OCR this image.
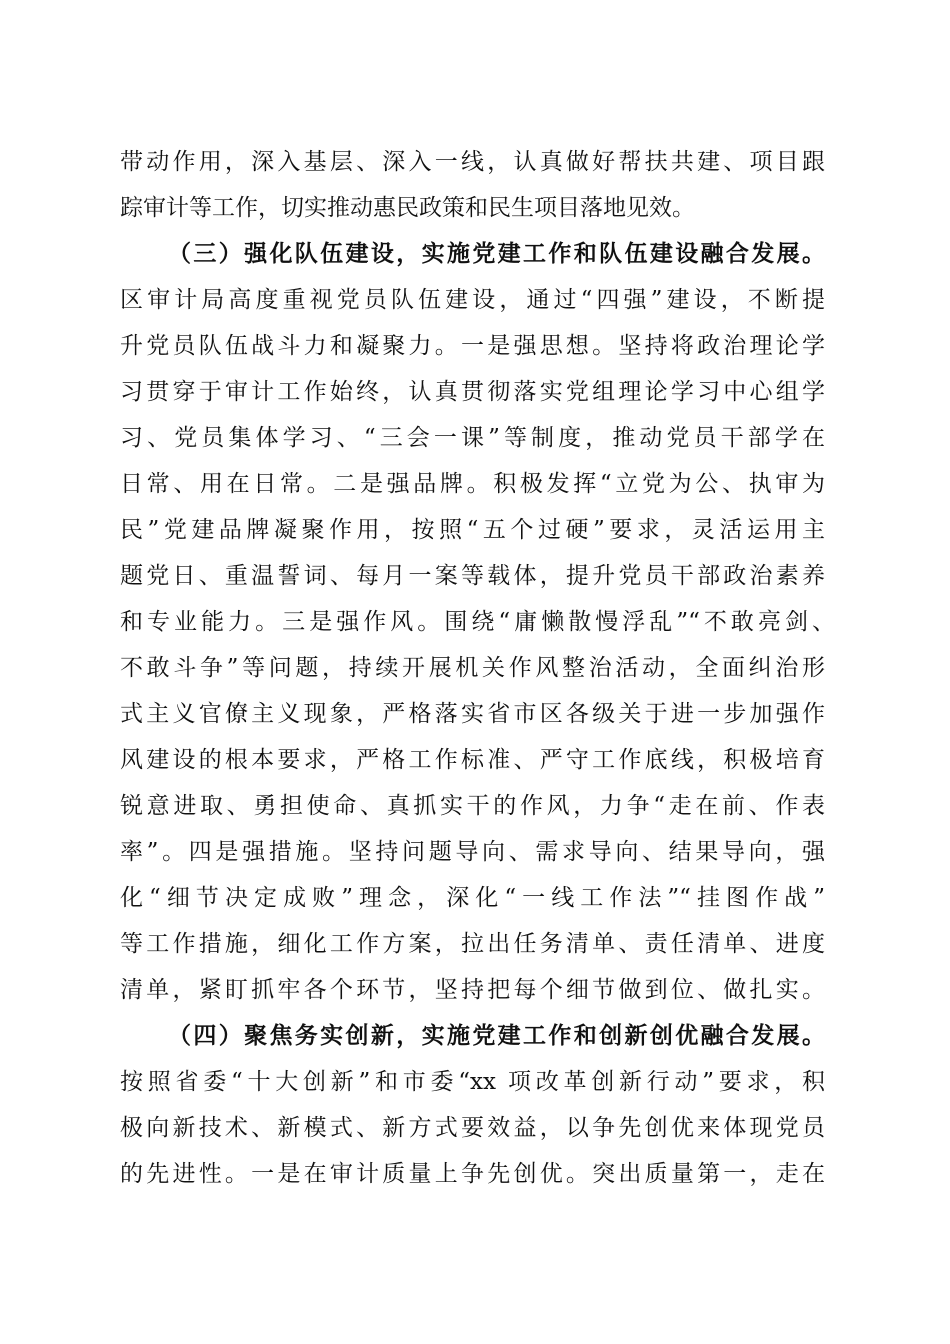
带动作用，深入基层、深入一线，认真做好帮扶共建、项目跟
踪审计等工作，切实推动惠民政策和民生项目落地见效。
（三）强化队伍建设，实施党建工作和队伍建设融合发展。
区审计局高度重视党员队伍建设，通过“四强”建设，不断提
升党员队伍战斗力和凝聚力。一是强思想。坚持将政治理论学
习贯穿于审计工作始终，认真贯彻落实党组理论学习中心组学
习、党员集体学习、“三会一课”等制度，推动党员干部学在
日常、用在日常。二是强品牌。积极发挥“立党为公、执审为
民”党建品牌凝聚作用，按照“五个过硬”要求，灵活运用主
题党日、重温誓词、每月一案等载体，提升党员干部政治素养
和专业能力。三是强作风。围绕“庸懒散慢浮乱”“不敢亮剑、
不敢斗争”等问题，持续开展机关作风整治活动，全面纠治形
式主义官僚主义现象，严格落实省市区各级关于进一步加强作
风建设的根本要求，严格工作标准、严守工作底线，积极培育
锐意进取、勇担使命、真抓实干的作风，力争“走在前、作表
率”。四是强措施。坚持问题导向、需求导向、结果导向，强
化“细节决定成败”理念，深化“一线工作法”“挂图作战”
等工作措施，细化工作方案，拉出任务清单、责任清单、进度
清单，紧盯抓牢各个环节，坚持把每个细节做到位、做扎实。
（四）聚焦务实创新，实施党建工作和创新创优融合发展。
按照省委“十大创新”和市委“xx 项改革创新行动”要求，积
极向新技术、新模式、新方式要效益，以争先创优来体现党员
的先进性。一是在审计质量上争先创优。突出质量第一，走在
